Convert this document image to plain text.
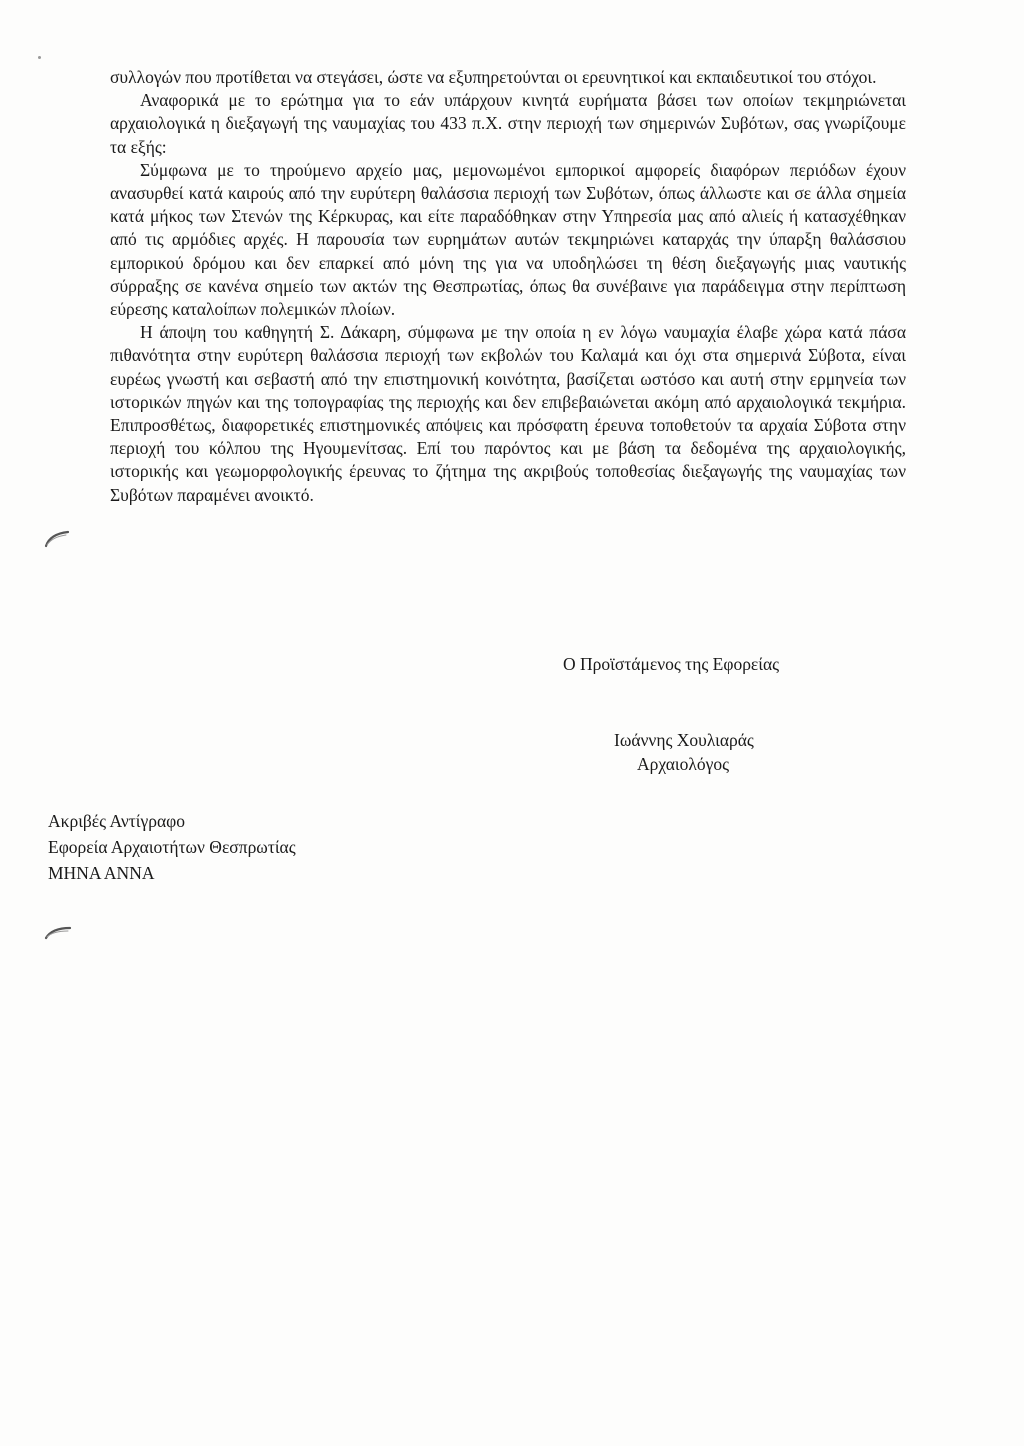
συλλογών που προτίθεται να στεγάσει, ώστε να εξυπηρετούνται οι ερευνητικοί και εκπαιδευτικοί του στόχοι.

Αναφορικά με το ερώτημα για το εάν υπάρχουν κινητά ευρήματα βάσει των οποίων τεκμηριώνεται αρχαιολογικά η διεξαγωγή της ναυμαχίας του 433 π.Χ. στην περιοχή των σημερινών Συβότων, σας γνωρίζουμε τα εξής:

Σύμφωνα με το τηρούμενο αρχείο μας, μεμονωμένοι εμπορικοί αμφορείς διαφόρων περιόδων έχουν ανασυρθεί κατά καιρούς από την ευρύτερη θαλάσσια περιοχή των Συβότων, όπως άλλωστε και σε άλλα σημεία κατά μήκος των Στενών της Κέρκυρας, και είτε παραδόθηκαν στην Υπηρεσία μας από αλιείς ή κατασχέθηκαν από τις αρμόδιες αρχές. Η παρουσία των ευρημάτων αυτών τεκμηριώνει καταρχάς την ύπαρξη θαλάσσιου εμπορικού δρόμου και δεν επαρκεί από μόνη της για να υποδηλώσει τη θέση διεξαγωγής μιας ναυτικής σύρραξης σε κανένα σημείο των ακτών της Θεσπρωτίας, όπως θα συνέβαινε για παράδειγμα στην περίπτωση εύρεσης καταλοίπων πολεμικών πλοίων.

Η άποψη του καθηγητή Σ. Δάκαρη, σύμφωνα με την οποία η εν λόγω ναυμαχία έλαβε χώρα κατά πάσα πιθανότητα στην ευρύτερη θαλάσσια περιοχή των εκβολών του Καλαμά και όχι στα σημερινά Σύβοτα, είναι ευρέως γνωστή και σεβαστή από την επιστημονική κοινότητα, βασίζεται ωστόσο και αυτή στην ερμηνεία των ιστορικών πηγών και της τοπογραφίας της περιοχής και δεν επιβεβαιώνεται ακόμη από αρχαιολογικά τεκμήρια. Επιπροσθέτως, διαφορετικές επιστημονικές απόψεις και πρόσφατη έρευνα τοποθετούν τα αρχαία Σύβοτα στην περιοχή του κόλπου της Ηγουμενίτσας. Επί του παρόντος και με βάση τα δεδομένα της αρχαιολογικής, ιστορικής και γεωμορφολογικής έρευνας το ζήτημα της ακριβούς τοποθεσίας διεξαγωγής της ναυμαχίας των Συβότων παραμένει ανοικτό.

Ο Προϊστάμενος της Εφορείας
Ιωάννης Χουλιαράς
Αρχαιολόγος
Ακριβές Αντίγραφο
Εφορεία Αρχαιοτήτων Θεσπρωτίας
ΜΗΝΑ ΑΝΝΑ
